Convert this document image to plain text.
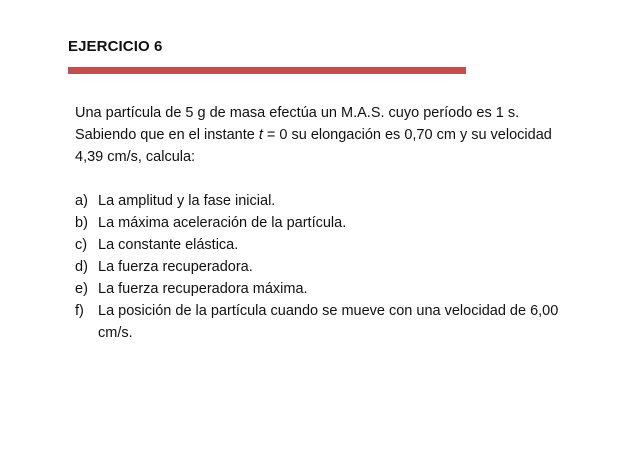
EJERCICIO 6

Una partícula de 5 g de masa efectúa un M.A.S. cuyo período es 1 s. Sabiendo que en el instante t = 0 su elongación es 0,70 cm y su velocidad 4,39 cm/s, calcula:

a) La amplitud y la fase inicial.
b) La máxima aceleración de la partícula.
c) La constante elástica.
d) La fuerza recuperadora.
e) La fuerza recuperadora máxima.
f) La posición de la partícula cuando se mueve con una velocidad de 6,00 cm/s.
